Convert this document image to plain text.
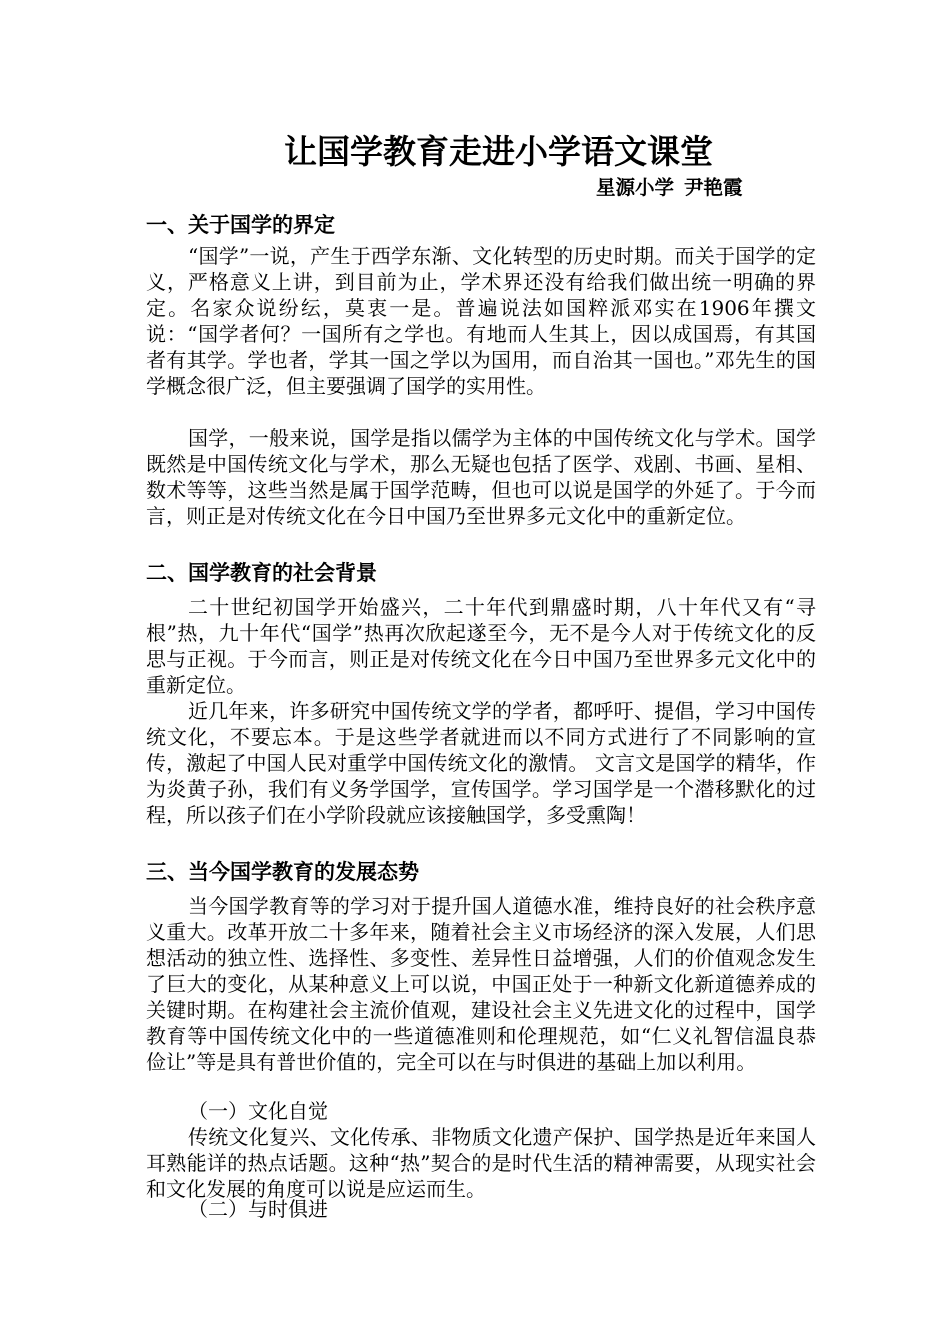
让国学教育走进小学语文课堂
星源小学 尹艳霞
一、关于国学的界定
“国学”一说，产生于西学东渐、文化转型的历史时期。而关于国学的定义，严格意义上讲，到目前为止，学术界还没有给我们做出统一明确的界定。名家众说纷纭，莫衷一是。普遍说法如国粹派邓实在1906年撰文说：“国学者何？一国所有之学也。有地而人生其上，因以成国焉，有其国者有其学。学也者，学其一国之学以为国用，而自治其一国也。”邓先生的国学概念很广泛，但主要强调了国学的实用性。
国学，一般来说，国学是指以儒学为主体的中国传统文化与学术。国学既然是中国传统文化与学术，那么无疑也包括了医学、戏剧、书画、星相、数术等等，这些当然是属于国学范畴，但也可以说是国学的外延了。于今而言，则正是对传统文化在今日中国乃至世界多元文化中的重新定位。
二、国学教育的社会背景
二十世纪初国学开始盛兴，二十年代到鼎盛时期，八十年代又有“寻根”热，九十年代“国学”热再次欣起遂至今，无不是今人对于传统文化的反思与正视。于今而言，则正是对传统文化在今日中国乃至世界多元文化中的重新定位。
近几年来，许多研究中国传统文学的学者，都呼吁、提倡，学习中国传统文化，不要忘本。于是这些学者就进而以不同方式进行了不同影响的宣传，激起了中国人民对重学中国传统文化的激情。 文言文是国学的精华，作为炎黄子孙，我们有义务学国学，宣传国学。学习国学是一个潜移默化的过程，所以孩子们在小学阶段就应该接触国学，多受熏陶！
三、当今国学教育的发展态势
当今国学教育等的学习对于提升国人道德水准，维持良好的社会秩序意义重大。改革开放二十多年来，随着社会主义市场经济的深入发展，人们思想活动的独立性、选择性、多变性、差异性日益增强，人们的价值观念发生了巨大的变化，从某种意义上可以说，中国正处于一种新文化新道德养成的关键时期。在构建社会主流价值观，建设社会主义先进文化的过程中，国学教育等中国传统文化中的一些道德准则和伦理规范，如“仁义礼智信温良恭俭让”等是具有普世价值的，完全可以在与时俱进的基础上加以利用。
（一）文化自觉
传统文化复兴、文化传承、非物质文化遗产保护、国学热是近年来国人耳熟能详的热点话题。这种“热”契合的是时代生活的精神需要，从现实社会和文化发展的角度可以说是应运而生。
（二）与时俱进
